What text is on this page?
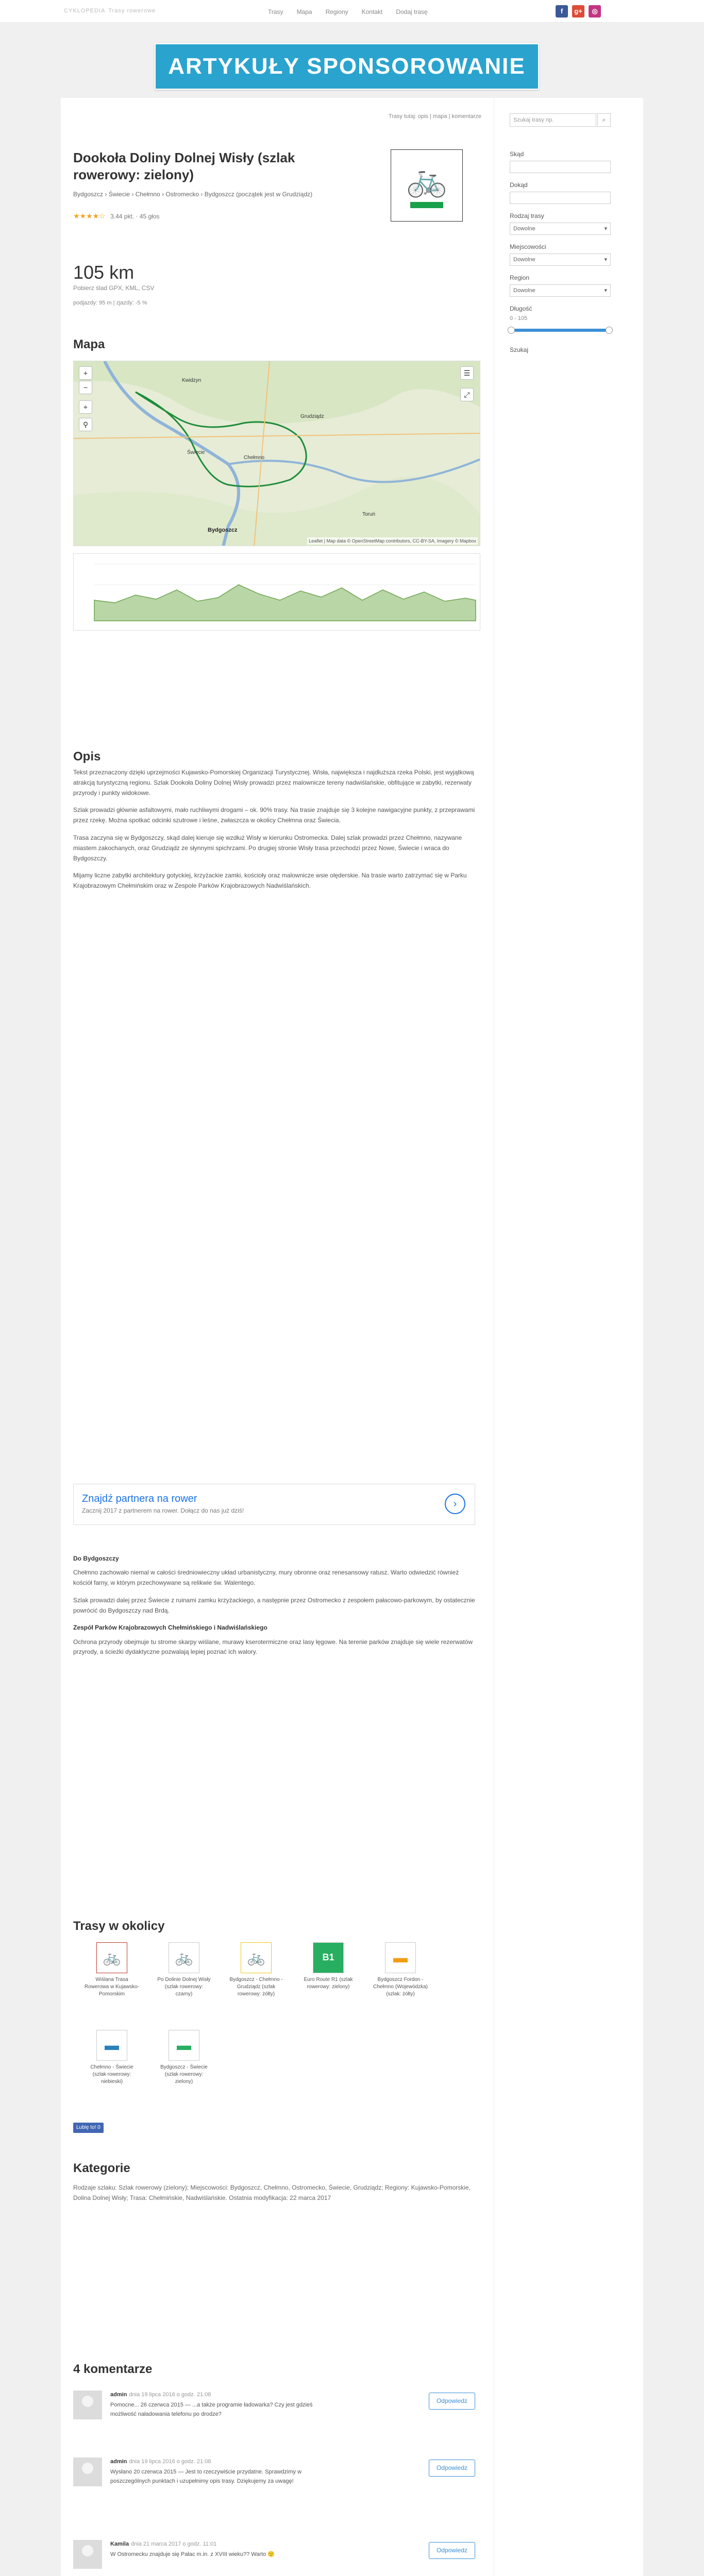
CYKLOPEDIA Trasy rowerowe	Trasy Mapa Regiony Kontakt Dodaj trasę	f	g+	◎
ARTYKUŁY SPONSOROWANIE
Trasy tutaj: opis | mapa | komentarze
Dookoła Doliny Dolnej Wisły (szlak rowerowy: zielony)
Bydgoszcz › Świecie › Chełmno › Ostromecko › Bydgoszcz (początek jest w Grudziądz)
★★★★☆ 3.44 pkt. · 45 głos
🚲
105 km
Pobierz ślad GPX, KML, CSV
podjazdy: 95 m | zjazdy: -5 %
Mapa
Kwidzyn
Grudziądz
Chełmno
Świecie
Bydgoszcz
Toruń
+
−
⌖
⚲
☰
⤢
Leaflet | Map data © OpenStreetMap contributors, CC-BY-SA, Imagery © Mapbox
Opis

Tekst przeznaczony dzięki uprzejmości Kujawsko-Pomorskiej Organizacji Turystycznej. Wisła, największa i najdłuższa rzeka Polski, jest wyjątkową atrakcją turystyczną regionu. Szlak Dookoła Doliny Dolnej Wisły prowadzi przez malownicze tereny nadwiślańskie, obfitujące w zabytki, rezerwaty przyrody i punkty widokowe.

Szlak prowadzi głównie asfaltowymi, mało ruchliwymi drogami – ok. 90% trasy. Na trasie znajduje się 3 kolejne nawigacyjne punkty, z przeprawami przez rzekę. Można spotkać odcinki szutrowe i leśne, zwłaszcza w okolicy Chełmna oraz Świecia.

Trasa zaczyna się w Bydgoszczy, skąd dalej kieruje się wzdłuż Wisły w kierunku Ostromecka. Dalej szlak prowadzi przez Chełmno, nazywane miastem zakochanych, oraz Grudziądz ze słynnymi spichrzami. Po drugiej stronie Wisły trasa przechodzi przez Nowe, Świecie i wraca do Bydgoszczy.

Mijamy liczne zabytki architektury gotyckiej, krzyżackie zamki, kościoły oraz malownicze wsie olęderskie. Na trasie warto zatrzymać się w Parku Krajobrazowym Chełmińskim oraz w Zespole Parków Krajobrazowych Nadwiślańskich.

Znajdź partnera na rower
Zacznij 2017 z partnerem na rower. Dołącz do nas już dziś!
›
Do Bydgoszczy

Chełmno zachowało niemal w całości średniowieczny układ urbanistyczny, mury obronne oraz renesansowy ratusz. Warto odwiedzić również kościół farny, w którym przechowywane są relikwie św. Walentego.

Szlak prowadzi dalej przez Świecie z ruinami zamku krzyżackiego, a następnie przez Ostromecko z zespołem pałacowo-parkowym, by ostatecznie powrócić do Bydgoszczy nad Brdą.

Zespół Parków Krajobrazowych Chełmińskiego i Nadwiślańskiego

Ochrona przyrody obejmuje tu strome skarpy wiślane, murawy kserotermiczne oraz lasy łęgowe. Na terenie parków znajduje się wiele rezerwatów przyrody, a ścieżki dydaktyczne pozwalają lepiej poznać ich walory.

Trasy w okolicy
🚲
Wiślana Trasa Rowerowa w Kujawsko-Pomorskim
🚲
Po Dolinie Dolnej Wisły (szlak rowerowy: czarny)
🚲
Bydgoszcz - Chełmno - Grudziądz (szlak rowerowy: żółty)
B1
Euro Route R1 (szlak rowerowy: zielony)
▬
Bydgoszcz Fordon - Chełmno (Wojewódzka) (szlak: żółty)
▬
Chełmno - Świecie (szlak rowerowy: niebieski)
▬
Bydgoszcz - Świecie (szlak rowerowy: zielony)
Lubię to! 0
Kategorie
Rodzaje szlaku: Szlak rowerowy (zielony); Miejscowości: Bydgoszcz, Chełmno, Ostromecko, Świecie, Grudziądz; Regiony: Kujawsko-Pomorskie, Dolina Dolnej Wisły; Trasa: Chełmińskie, Nadwiślańskie. Ostatnia modyfikacja: 22 marca 2017
4 komentarze
admin dnia 19 lipca 2016 o godz. 21:08
Pomocne... 26 czerwca 2015 — ...a także programie ładowarka? Czy jest gdzieś możliwość naładowania telefonu po drodze?
Odpowiedz
admin dnia 19 lipca 2016 o godz. 21:08
Wysłano 20 czerwca 2015 — Jest to rzeczywiście przydatne. Sprawdzimy w poszczególnych punktach i uzupełnimy opis trasy. Dziękujemy za uwagę!
Odpowiedz
Kamila dnia 21 marca 2017 o godz. 11:01
W Ostromecku znajduje się Pałac m.in. z XVIII wieku?? Warto 🙂
Odpowiedz
Szukaj trasy np.	⌕
Skąd
Dokąd
Rodzaj trasy
Dowolne ▾
Miejscowości
Dowolne ▾
Region
Dowolne ▾
Długość
0 - 105
Szukaj
